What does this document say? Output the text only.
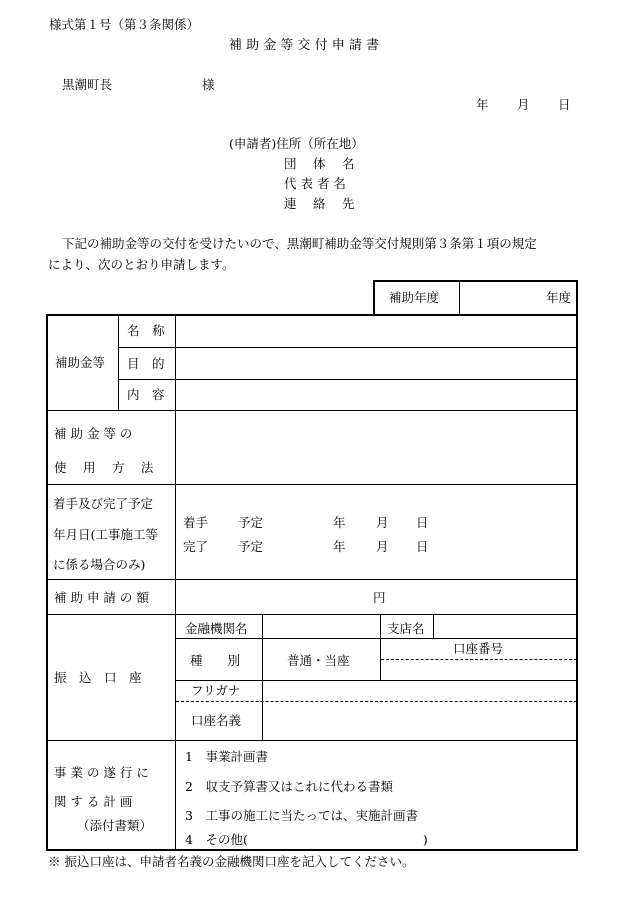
様式第１号（第３条関係）
補 助 金 等 交 付 申 請 書
黒潮町長	様
年 月 日
(申請者)住所（所在地）
団　 体　 名
代 表 者 名
連　 絡　 先
下記の補助金等の交付を受けたいので、黒潮町補助金等交付規則第３条第１項の規定
により、次のとおり申請します。
補助年度	年度
補助金等
名　称
目　的
内　容
補 助 金 等 の
使　 用　 方　 法
着手及び完了予定
年月日(工事施工等
に係る場合のみ)
着手 予定	年 月 日
完了 予定	年 月 日
補 助 申 請 の 額	円
振　込　口　座
金融機関名	支店名
種　　別	普通・当座
口座番号
フリガナ
口座名義
事 業 の 遂 行 に
関 す る 計 画
（添付書類）
1　事業計画書
2　収支予算書又はこれに代わる書類
3　工事の施工に当たっては、実施計画書
4　その他(　　　　　　　　　　　　　　)
※ 振込口座は、申請者名義の金融機関口座を記入してください。
